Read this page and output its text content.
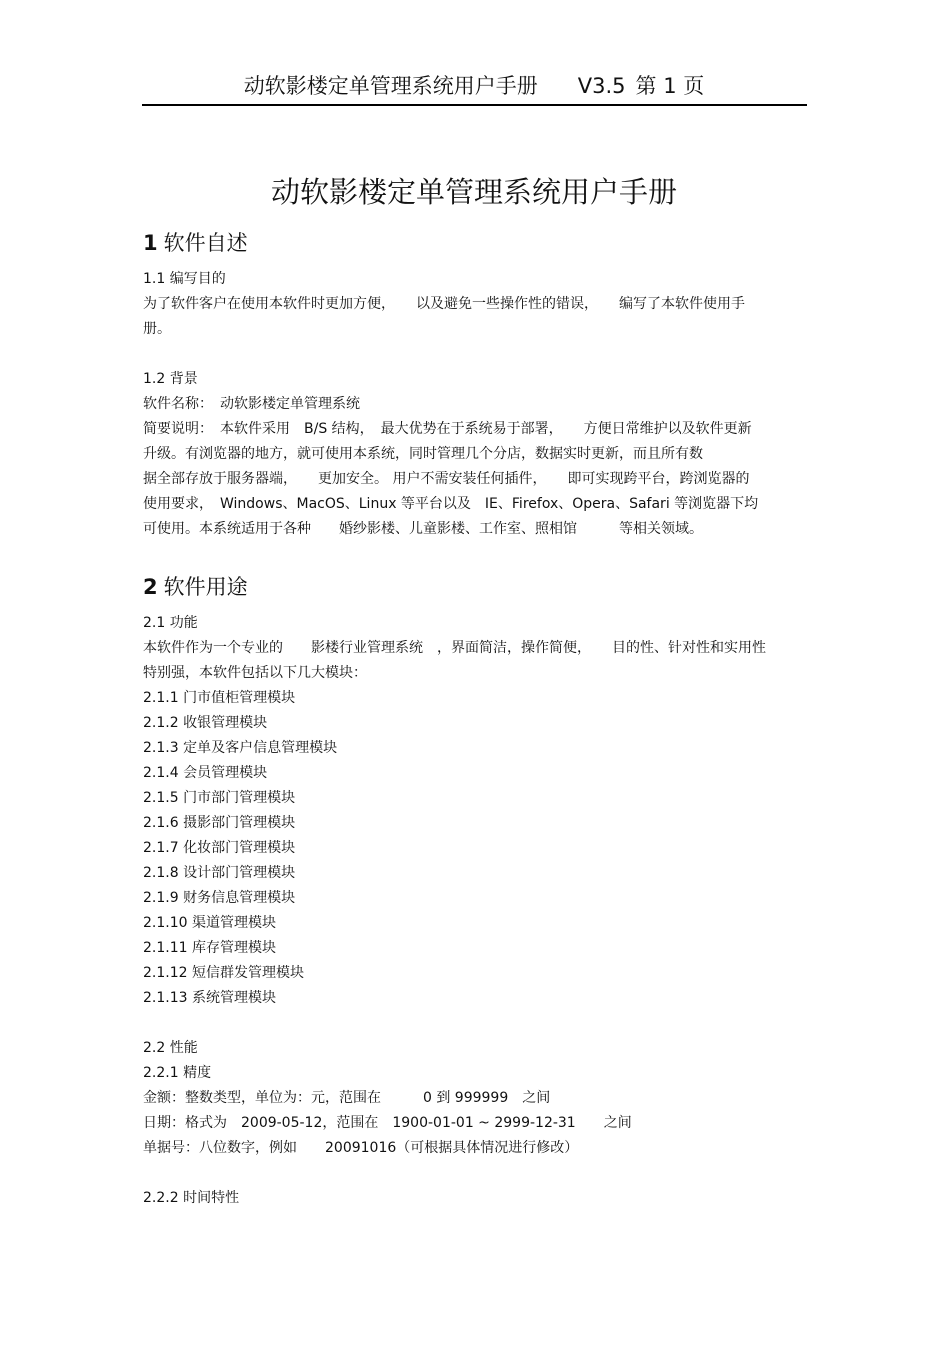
动软影楼定单管理系统用户手册 V3.5 第 1 页
动软影楼定单管理系统用户手册
1 软件自述

1.1 编写目的

为了软件客户在使用本软件时更加方便，　　以及避免一些操作性的错误，　　编写了本软件使用手

册。

1.2 背景

软件名称：　动软影楼定单管理系统

简要说明：　本软件采用　B/S 结构，　最大优势在于系统易于部署，　　方便日常维护以及软件更新

升级。有浏览器的地方，就可使用本系统，同时管理几个分店，数据实时更新，而且所有数

据全部存放于服务器端，　　更加安全。 用户不需安装任何插件，　　即可实现跨平台，跨浏览器的

使用要求，　Windows、MacOS、Linux 等平台以及　IE、Firefox、Opera、Safari 等浏览器下均

可使用。本系统适用于各种　　婚纱影楼、儿童影楼、工作室、照相馆　　　等相关领域。

2 软件用途

2.1 功能

本软件作为一个专业的　　影楼行业管理系统　，界面简洁，操作简便，　　目的性、针对性和实用性

特别强，本软件包括以下几大模块：

2.1.1 门市值柜管理模块

2.1.2 收银管理模块

2.1.3 定单及客户信息管理模块

2.1.4 会员管理模块

2.1.5 门市部门管理模块

2.1.6 摄影部门管理模块

2.1.7 化妆部门管理模块

2.1.8 设计部门管理模块

2.1.9 财务信息管理模块

2.1.10 渠道管理模块

2.1.11 库存管理模块

2.1.12 短信群发管理模块

2.1.13 系统管理模块

2.2 性能

2.2.1 精度

金额：整数类型，单位为：元，范围在　　　0 到 999999　之间

日期：格式为　2009-05-12，范围在　1900-01-01 ~ 2999-12-31　　之间

单据号：八位数字，例如　　20091016（可根据具体情况进行修改）

2.2.2 时间特性
